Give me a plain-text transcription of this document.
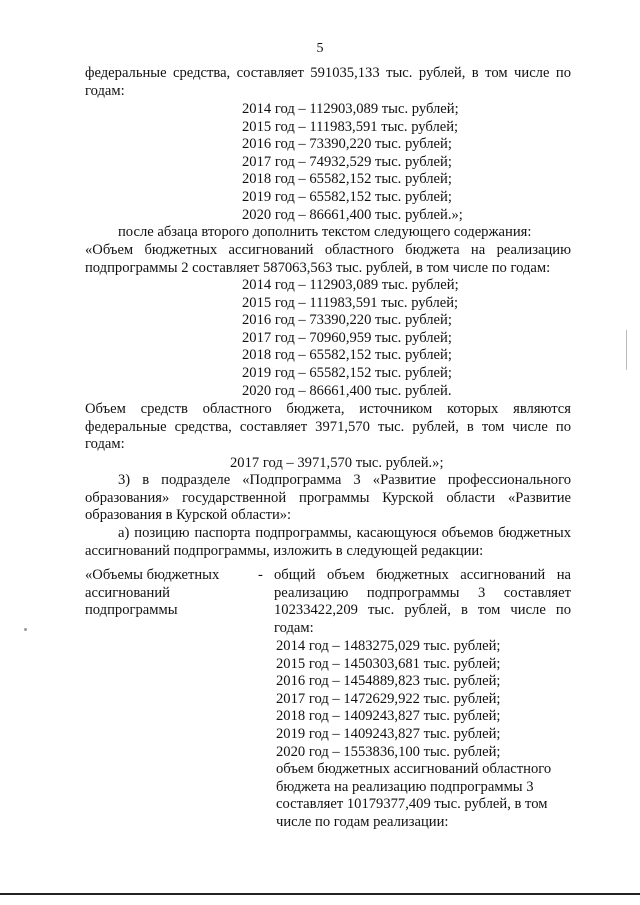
5
федеральные средства, составляет 591035,133 тыс. рублей, в том числе по годам:
2014 год – 112903,089 тыс. рублей;
2015 год – 111983,591 тыс. рублей;
2016 год – 73390,220 тыс. рублей;
2017 год – 74932,529 тыс. рублей;
2018 год – 65582,152 тыс. рублей;
2019 год – 65582,152 тыс. рублей;
2020 год – 86661,400 тыс. рублей.»;
после абзаца второго дополнить текстом следующего содержания:
«Объем бюджетных ассигнований областного бюджета на реализацию подпрограммы 2 составляет 587063,563 тыс. рублей, в том числе по годам:
2014 год – 112903,089 тыс. рублей;
2015 год – 111983,591 тыс. рублей;
2016 год – 73390,220 тыс. рублей;
2017 год – 70960,959 тыс. рублей;
2018 год – 65582,152 тыс. рублей;
2019 год – 65582,152 тыс. рублей;
2020 год – 86661,400 тыс. рублей.
Объем средств областного бюджета, источником которых являются федеральные средства, составляет 3971,570 тыс. рублей, в том числе по годам:
2017 год – 3971,570 тыс. рублей.»;
3) в подразделе «Подпрограмма 3 «Развитие профессионального образования» государственной программы Курской области «Развитие образования в Курской области»:
а) позицию паспорта подпрограммы, касающуюся объемов бюджетных ассигнований подпрограммы, изложить в следующей редакции:
«Объемы бюджетных ассигнований подпрограммы
- общий объем бюджетных ассигнований на реализацию подпрограммы 3 составляет 10233422,209 тыс. рублей, в том числе по годам:
2014 год – 1483275,029 тыс. рублей;
2015 год – 1450303,681 тыс. рублей;
2016 год – 1454889,823 тыс. рублей;
2017 год – 1472629,922 тыс. рублей;
2018 год – 1409243,827 тыс. рублей;
2019 год – 1409243,827 тыс. рублей;
2020 год – 1553836,100 тыс. рублей;
объем бюджетных ассигнований областного бюджета на реализацию подпрограммы 3 составляет 10179377,409 тыс. рублей, в том числе по годам реализации:
